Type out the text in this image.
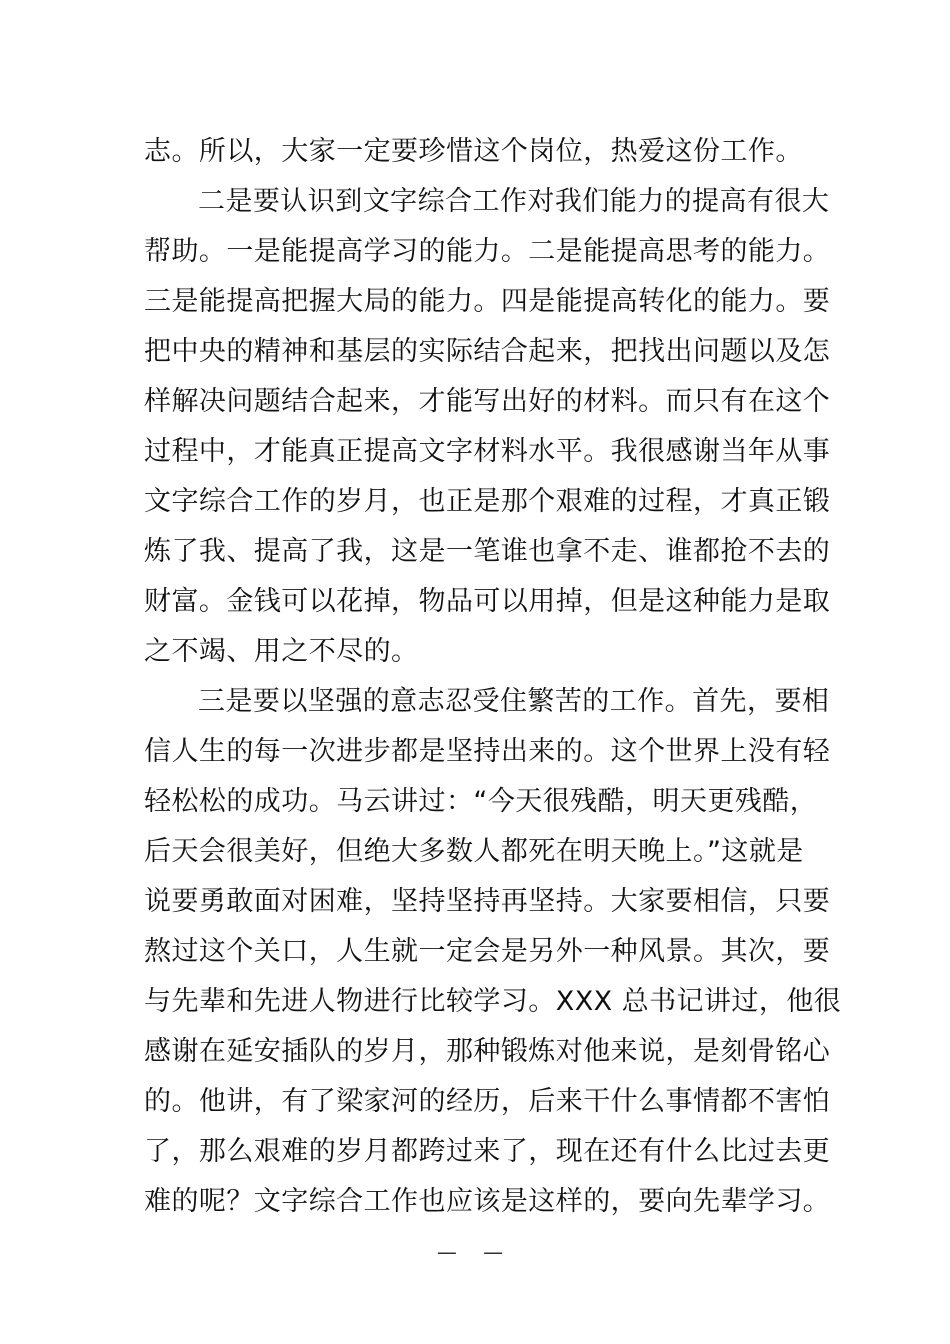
志。所以，大家一定要珍惜这个岗位，热爱这份工作。
二是要认识到文字综合工作对我们能力的提高有很大
帮助。一是能提高学习的能力。二是能提高思考的能力。
三是能提高把握大局的能力。四是能提高转化的能力。要
把中央的精神和基层的实际结合起来，把找出问题以及怎
样解决问题结合起来，才能写出好的材料。而只有在这个
过程中，才能真正提高文字材料水平。我很感谢当年从事
文字综合工作的岁月，也正是那个艰难的过程，才真正锻
炼了我、提高了我，这是一笔谁也拿不走、谁都抢不去的
财富。金钱可以花掉，物品可以用掉，但是这种能力是取
之不竭、用之不尽的。
三是要以坚强的意志忍受住繁苦的工作。首先，要相
信人生的每一次进步都是坚持出来的。这个世界上没有轻
轻松松的成功。马云讲过：“今天很残酷，明天更残酷，
后天会很美好，但绝大多数人都死在明天晚上。”这就是
说要勇敢面对困难，坚持坚持再坚持。大家要相信，只要
熬过这个关口，人生就一定会是另外一种风景。其次，要
与先辈和先进人物进行比较学习。XXX 总书记讲过，他很
感谢在延安插队的岁月，那种锻炼对他来说，是刻骨铭心
的。他讲，有了梁家河的经历，后来干什么事情都不害怕
了，那么艰难的岁月都跨过来了，现在还有什么比过去更
难的呢？文字综合工作也应该是这样的，要向先辈学习。
— —
